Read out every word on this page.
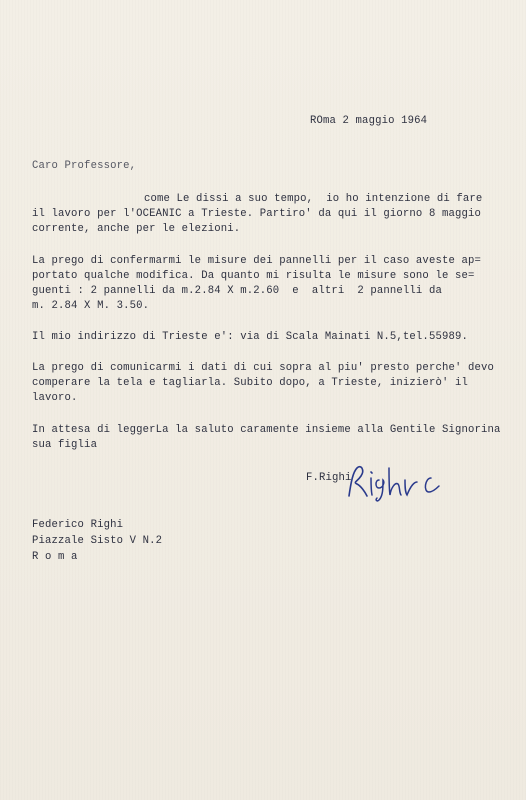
ROma 2 maggio 1964
Caro Professore,
come Le dissi a suo tempo,  io ho intenzione di fare
il lavoro per l'OCEANIC a Trieste. Partiro' da qui il giorno 8 maggio
corrente, anche per le elezioni.
La prego di confermarmi le misure dei pannelli per il caso aveste ap=
portato qualche modifica. Da quanto mi risulta le misure sono le se=
guenti : 2 pannelli da m.2.84 X m.2.60  e  altri  2 pannelli da
m. 2.84 X M. 3.50.
Il mio indirizzo di Trieste e': via di Scala Mainati N.5,tel.55989.
La prego di comunicarmi i dati di cui sopra al piu' presto perche' devo
comperare la tela e tagliarla. Subito dopo, a Trieste, inizierò' il
lavoro.
In attesa di leggerLa la saluto caramente insieme alla Gentile Signorina
sua figlia
F.Righi
Federico Righi
Piazzale Sisto V N.2
R o m a
